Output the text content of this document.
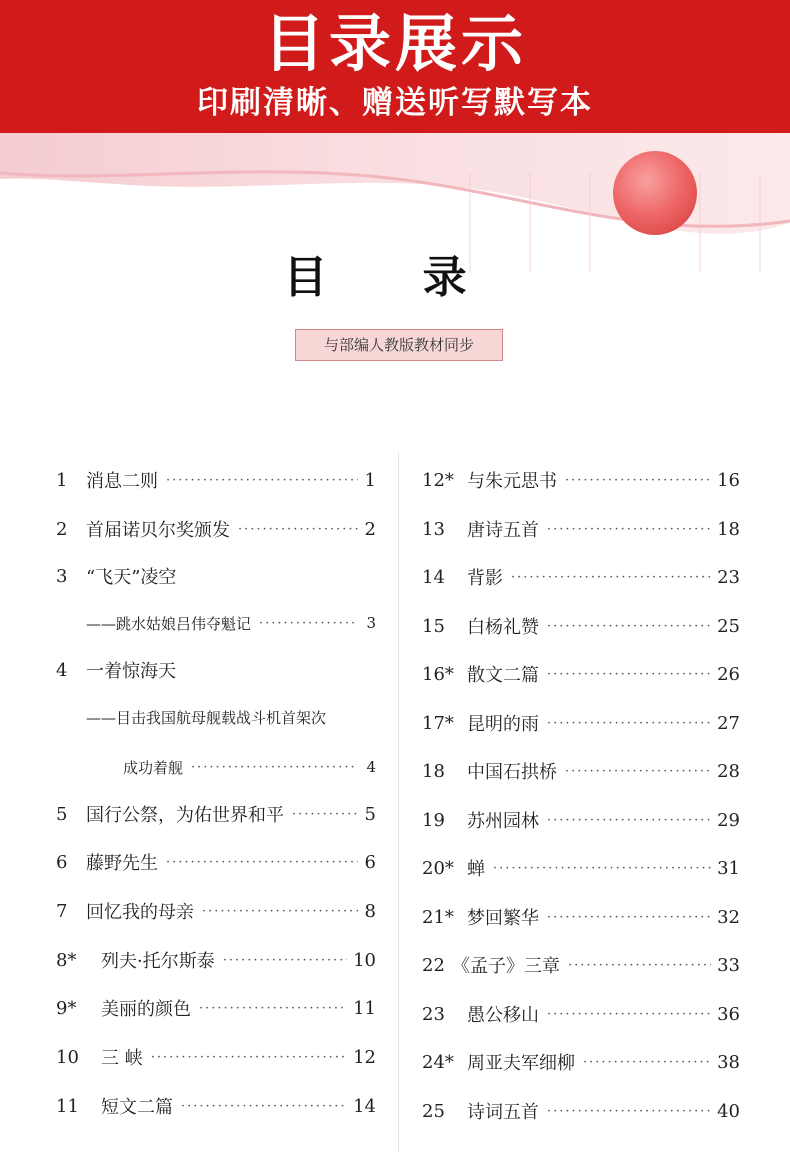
目录展示
印刷清晰、赠送听写默写本
目 录
与部编人教版教材同步
1	消息二则 ·····	1
2	首届诺贝尔奖颁发 ·····	2
3	“飞天”凌空
——跳水姑娘吕伟夺魁记 ·····	3
4	一着惊海天
——目击我国航母舰载战斗机首架次
成功着舰 ·····	4
5	国行公祭，为佑世界和平 ·····	5
6	藤野先生 ·····	6
7	回忆我的母亲 ·····	8
8*	列夫·托尔斯泰 ·····	10
9*	美丽的颜色 ·····	11
10	三 峡 ·····	12
11	短文二篇 ·····	14
12* 与朱元思书 ·····	16
13	唐诗五首 ·····	18
14	背影 ·····	23
15	白杨礼赞 ·····	25
16* 散文二篇 ·····	26
17* 昆明的雨 ·····	27
18	中国石拱桥 ·····	28
19	苏州园林 ·····	29
20* 蝉 ·····	31
21* 梦回繁华 ·····	32
22 《孟子》三章 ·····	33
23	愚公移山 ·····	36
24* 周亚夫军细柳 ·····	38
25	诗词五首 ·····	40
